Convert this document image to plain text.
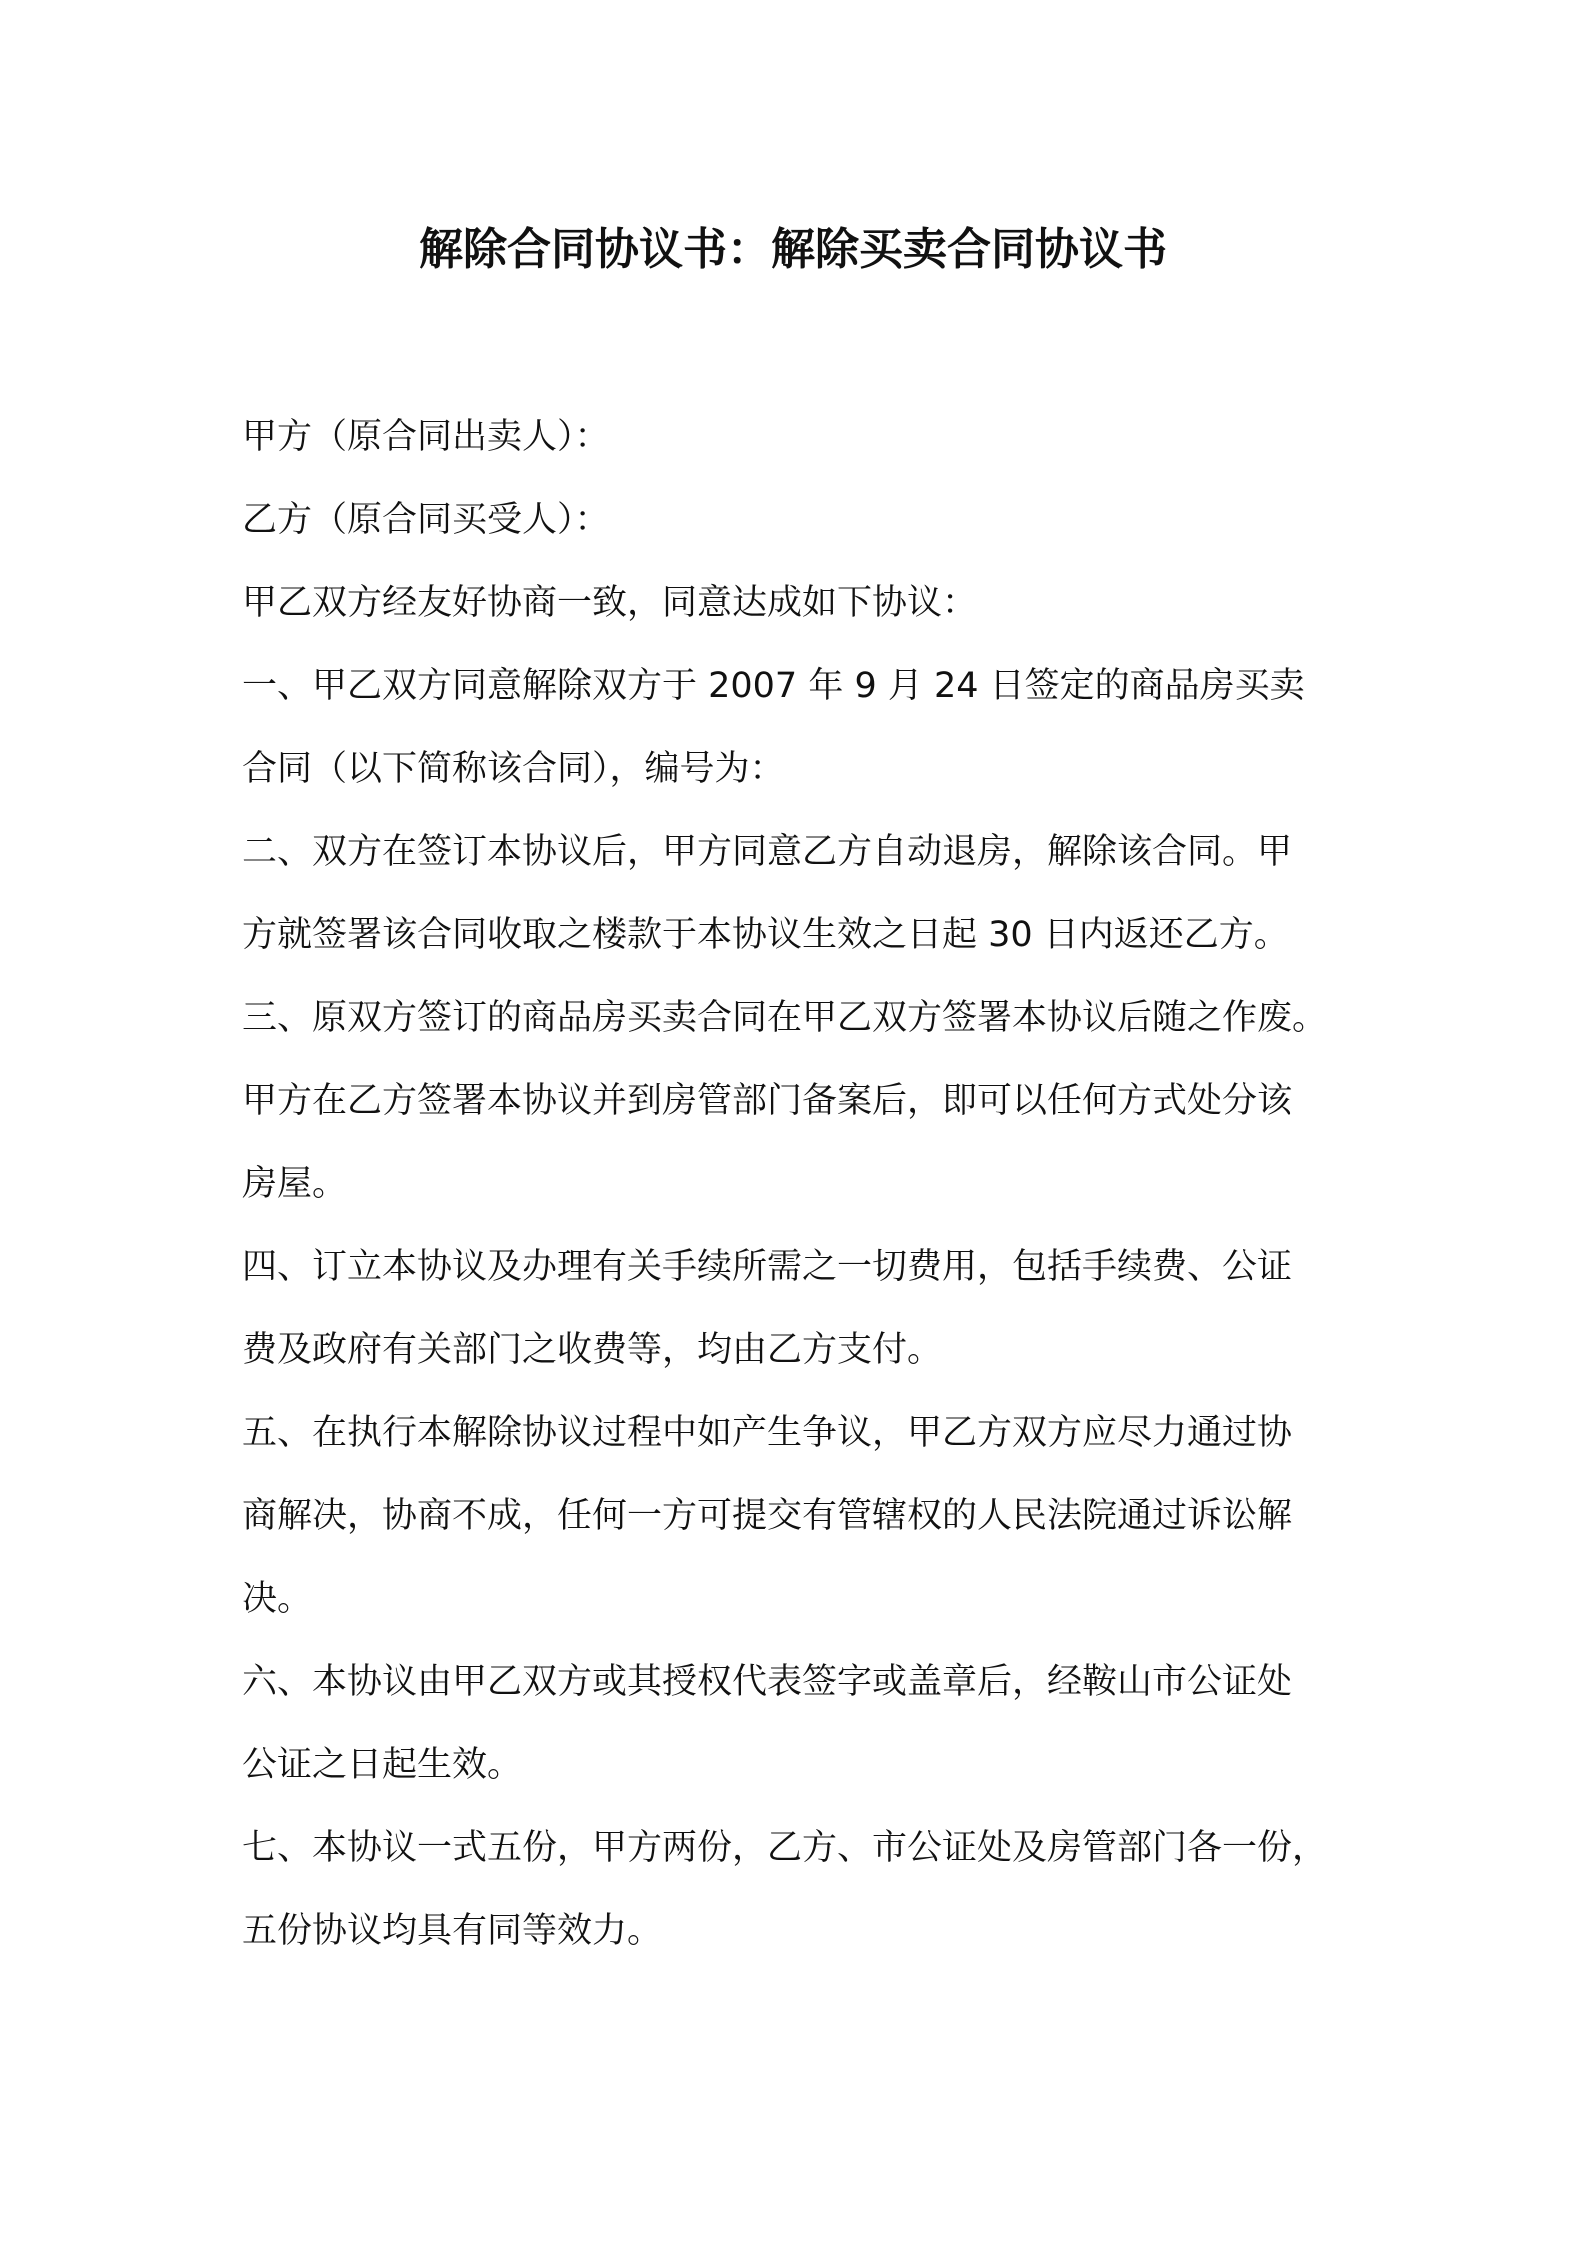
解除合同协议书：解除买卖合同协议书
甲方（原合同出卖人）：
乙方（原合同买受人）：
甲乙双方经友好协商一致，同意达成如下协议：
一、甲乙双方同意解除双方于 2007 年 9 月 24 日签定的商品房买卖
合同（以下简称该合同），编号为：
二、双方在签订本协议后，甲方同意乙方自动退房，解除该合同。甲
方就签署该合同收取之楼款于本协议生效之日起 30 日内返还乙方。
三、原双方签订的商品房买卖合同在甲乙双方签署本协议后随之作废。
甲方在乙方签署本协议并到房管部门备案后，即可以任何方式处分该
房屋。
四、订立本协议及办理有关手续所需之一切费用，包括手续费、公证
费及政府有关部门之收费等，均由乙方支付。
五、在执行本解除协议过程中如产生争议，甲乙方双方应尽力通过协
商解决，协商不成，任何一方可提交有管辖权的人民法院通过诉讼解
决。
六、本协议由甲乙双方或其授权代表签字或盖章后，经鞍山市公证处
公证之日起生效。
七、本协议一式五份，甲方两份，乙方、市公证处及房管部门各一份，
五份协议均具有同等效力。
